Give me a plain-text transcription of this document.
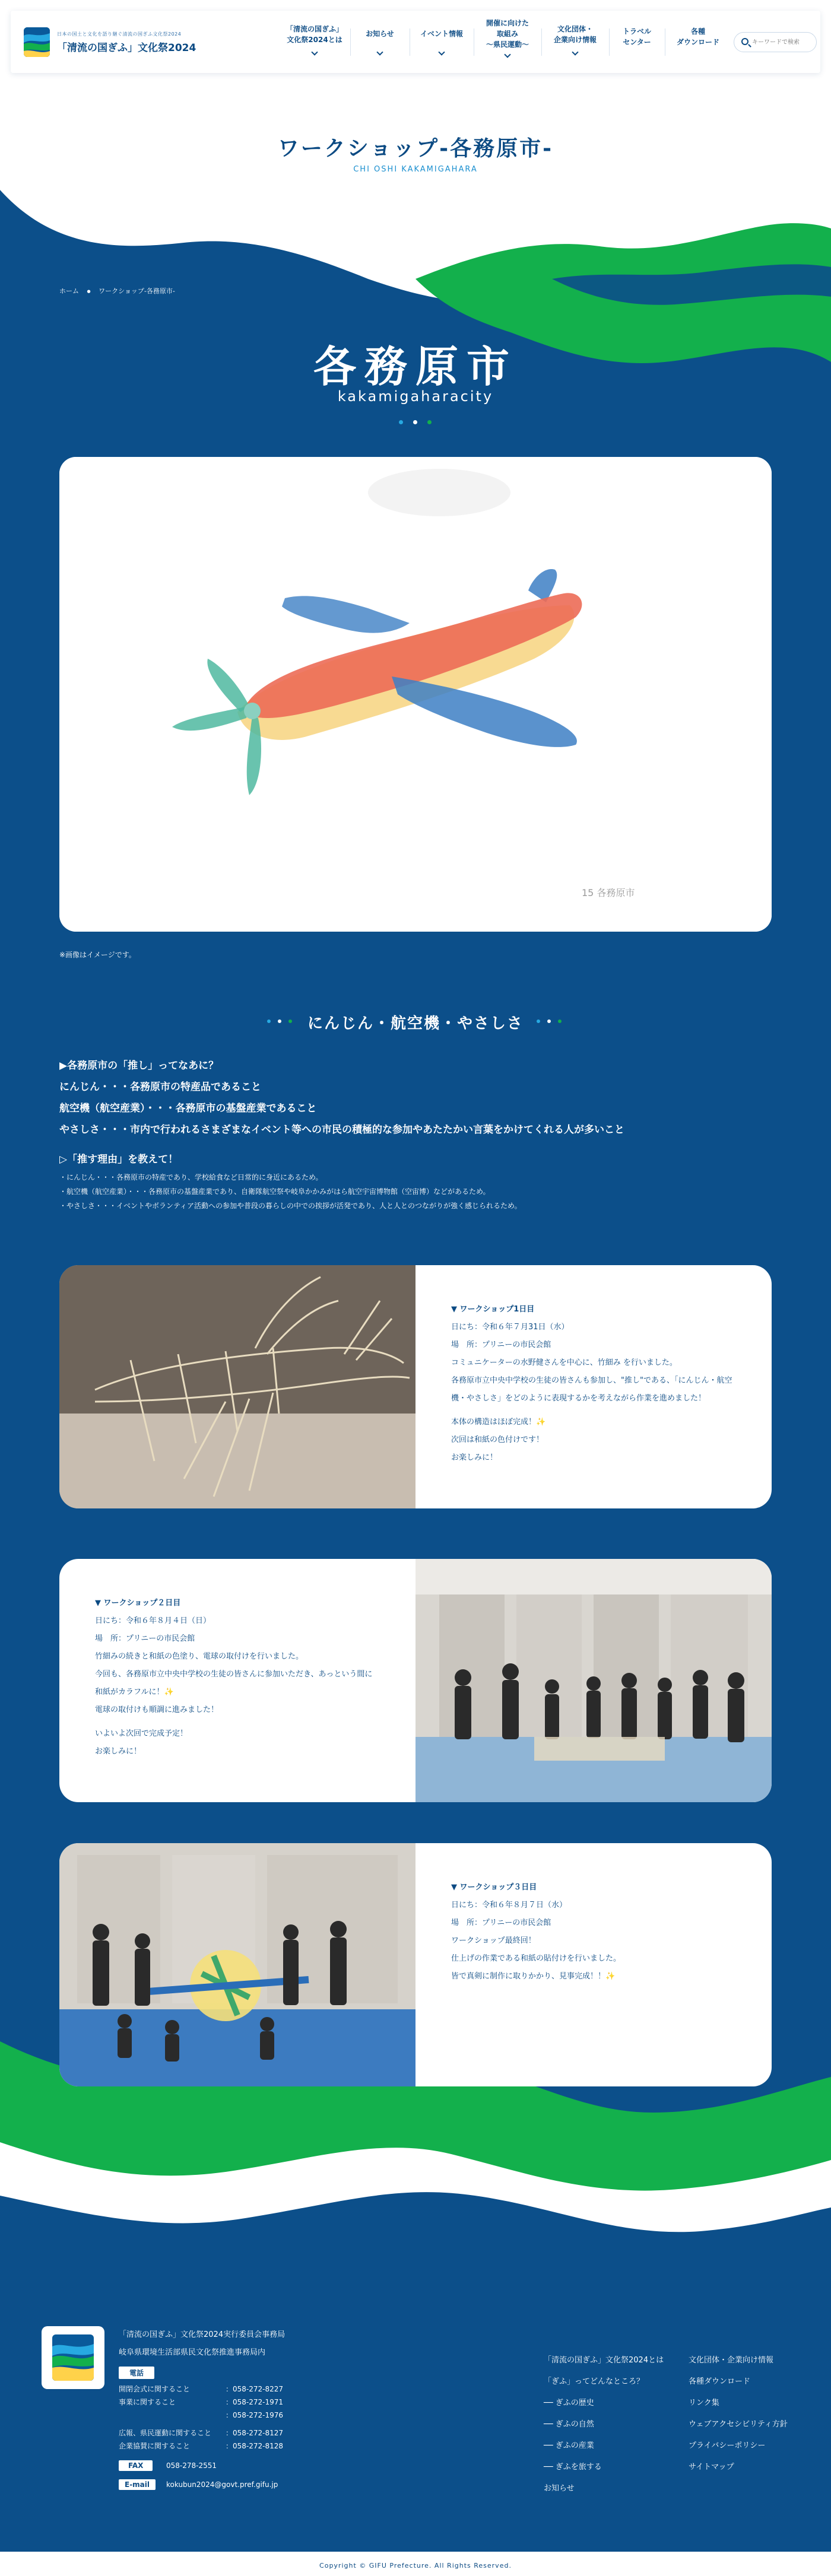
日本の国土と文化を語り継ぐ清流の国ぎふ文化祭2024
「清流の国ぎふ」文化祭2024
「清流の国ぎふ」
文化祭2024とは
お知らせ	イベント情報
開催に向けた
取組み
〜県民運動〜
文化団体・
企業向け情報
トラベル
センター
各種
ダウンロード
キーワードで検索
ワークショップ-各務原市-
CHI OSHI KAKAMIGAHARA
ホーム ● ワークショップ-各務原市-
各務原市
kakamigaharacity
15 各務原市
※画像はイメージです。
にんじん・航空機・やさしさ
▶各務原市の「推し」ってなあに？
にんじん・・・各務原市の特産品であること
航空機（航空産業）・・・各務原市の基盤産業であること
やさしさ・・・市内で行われるさまざまなイベント等への市民の積極的な参加やあたたかい言葉をかけてくれる人が多いこと
▷「推す理由」を教えて！
・にんじん・・・各務原市の特産であり、学校給食など日常的に身近にあるため。
・航空機（航空産業）・・・各務原市の基盤産業であり、自衛隊航空祭や岐阜かかみがはら航空宇宙博物館（空宙博）などがあるため。
・やさしさ・・・イベントやボランティア活動への参加や普段の暮らしの中での挨拶が活発であり、人と人とのつながりが強く感じられるため。
▼ ワークショップ1日目
日にち：令和６年７月31日（水）
場　所：プリニーの市民会館
コミュニケーターの水野健さんを中心に、竹細み を行いました。
各務原市立中央中学校の生徒の皆さんも参加し、"推し"である、「にんじん・航空機・やさしさ」をどのように表現するかを考えながら作業を進めました！
本体の構造はほぼ完成！✨
次回は和紙の色付けです！
お楽しみに！
▼ ワークショップ２日目
日にち：令和６年８月４日（日）
場　所：プリニーの市民会館
竹細みの続きと和紙の色塗り、電球の取付けを行いました。
今回も、各務原市立中央中学校の生徒の皆さんに参加いただき、あっという間に和紙がカラフルに！✨
電球の取付けも順調に進みました！
いよいよ次回で完成予定！
お楽しみに！
▼ ワークショップ３日目
日にち：令和６年８月７日（水）
場　所：プリニーの市民会館
ワークショップ最終回！
仕上げの作業である和紙の貼付けを行いました。
皆で真剣に制作に取りかかり、見事完成！！✨
「清流の国ぎふ」文化祭2024実行委員会事務局
岐阜県環境生活部県民文化祭推進事務局内
電話
開閉会式に関すること	：058-272-8227
事業に関すること	：058-272-1971
：058-272-1976
広報、県民運動に関すること ：058-272-8127
企業協賛に関すること	：058-272-8128
FAX	058-278-2551
E-mail	kokubun2024@govt.pref.gifu.jp
「清流の国ぎふ」文化祭2024とは
「ぎふ」ってどんなところ？
── ぎふの歴史
── ぎふの自然
── ぎふの産業
── ぎふを旅する
お知らせ
文化団体・企業向け情報
各種ダウンロード
リンク集
ウェブアクセシビリティ方針
プライバシーポリシー
サイトマップ
Copyright © GIFU Prefecture. All Rights Reserved.
